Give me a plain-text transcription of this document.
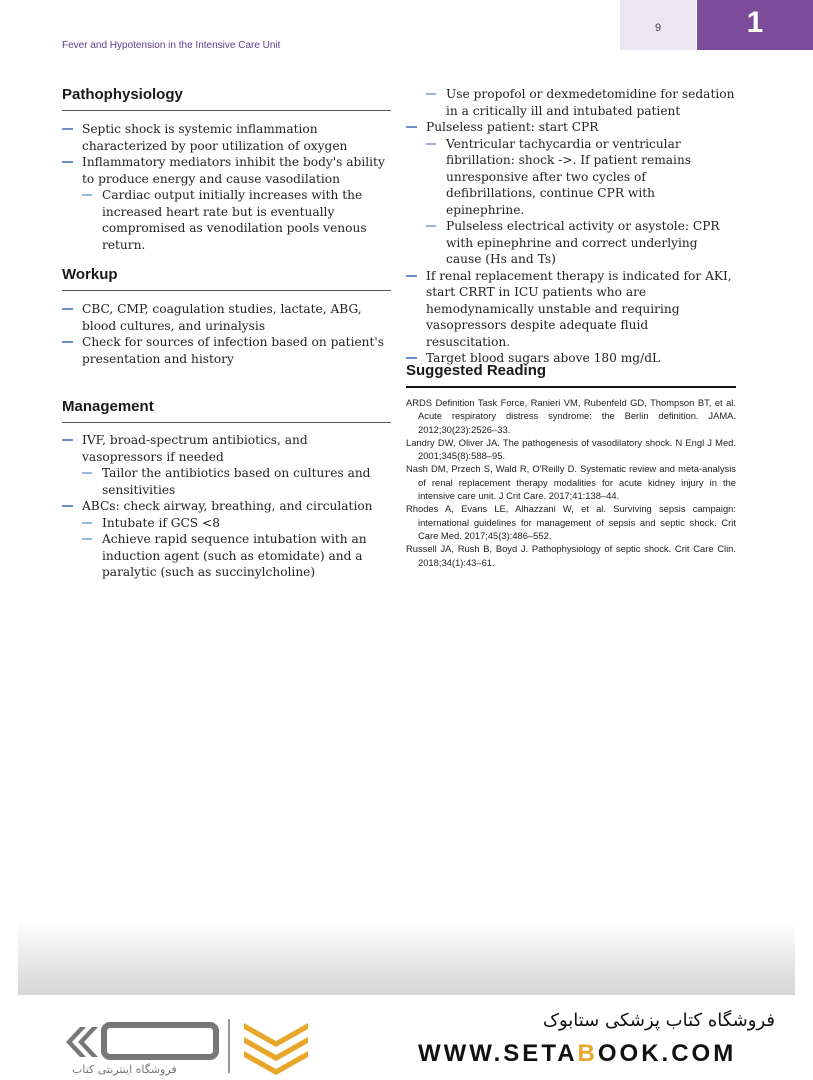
9	1
Fever and Hypotension in the Intensive Care Unit
Pathophysiology
Septic shock is systemic inflammation characterized by poor utilization of oxygen
Inflammatory mediators inhibit the body's ability to produce energy and cause vasodilation
Cardiac output initially increases with the increased heart rate but is eventually compromised as venodilation pools venous return.
Workup
CBC, CMP, coagulation studies, lactate, ABG, blood cultures, and urinalysis
Check for sources of infection based on patient's presentation and history
Management
IVF, broad-spectrum antibiotics, and vasopressors if needed
Tailor the antibiotics based on cultures and sensitivities
ABCs: check airway, breathing, and circulation
Intubate if GCS <8
Achieve rapid sequence intubation with an induction agent (such as etomidate) and a paralytic (such as succinylcholine)
Use propofol or dexmedetomidine for sedation in a critically ill and intubated patient
Pulseless patient: start CPR
Ventricular tachycardia or ventricular fibrillation: shock ->. If patient remains unresponsive after two cycles of defibrillations, continue CPR with epinephrine.
Pulseless electrical activity or asystole: CPR with epinephrine and correct underlying cause (Hs and Ts)
If renal replacement therapy is indicated for AKI, start CRRT in ICU patients who are hemodynamically unstable and requiring vasopressors despite adequate fluid resuscitation.
Target blood sugars above 180 mg/dL
Suggested Reading
ARDS Definition Task Force, Ranieri VM, Rubenfeld GD, Thompson BT, et al. Acute respiratory distress syndrome: the Berlin definition. JAMA. 2012;30(23):2526–33.
Landry DW, Oliver JA. The pathogenesis of vasodilatory shock. N Engl J Med. 2001;345(8):588–95.
Nash DM, Przech S, Wald R, O'Reilly D. Systematic review and meta-analysis of renal replacement therapy modalities for acute kidney injury in the intensive care unit. J Crit Care. 2017;41:138–44.
Rhodes A, Evans LE, Alhazzani W, et al. Surviving sepsis campaign: international guidelines for management of sepsis and septic shock. Crit Care Med. 2017;45(3):486–552.
Russell JA, Rush B, Boyd J. Pathophysiology of septic shock. Crit Care Clin. 2018;34(1):43–61.
فروشگاه اینترنتی کتاب
فروشگاه کتاب پزشکی ستابوک
WWW.SETABOOK.COM
